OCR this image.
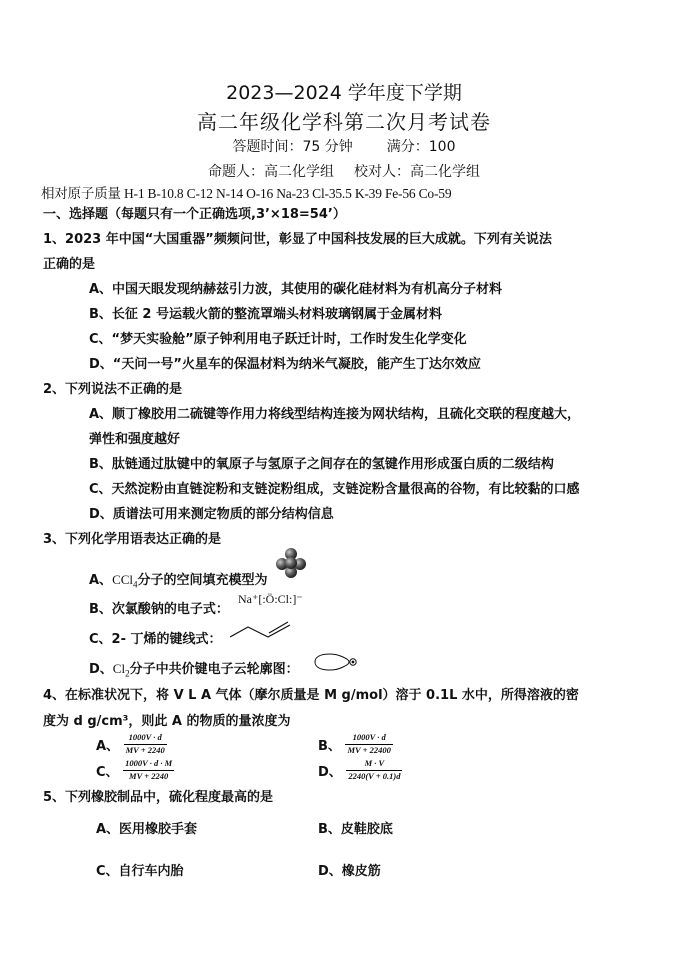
2023—2024 学年度下学期
高二年级化学科第二次月考试卷
答题时间：75 分钟 满分：100
命题人：高二化学组 校对人：高二化学组
相对原子质量 H-1 B-10.8 C-12 N-14 O-16 Na-23 Cl-35.5 K-39 Fe-56 Co-59
一、选择题（每题只有一个正确选项,3’×18=54’）
1、2023 年中国“大国重器”频频问世，彰显了中国科技发展的巨大成就。下列有关说法
正确的是
A、中国天眼发现纳赫兹引力波，其使用的碳化硅材料为有机高分子材料
B、长征 2 号运载火箭的整流罩端头材料玻璃钢属于金属材料
C、“梦天实验舱”原子钟利用电子跃迁计时，工作时发生化学变化
D、“天问一号”火星车的保温材料为纳米气凝胶，能产生丁达尔效应
2、下列说法不正确的是
A、顺丁橡胶用二硫键等作用力将线型结构连接为网状结构，且硫化交联的程度越大，
弹性和强度越好
B、肽链通过肽键中的氧原子与氢原子之间存在的氢键作用形成蛋白质的二级结构
C、天然淀粉由直链淀粉和支链淀粉组成，支链淀粉含量很高的谷物，有比较黏的口感
D、质谱法可用来测定物质的部分结构信息
3、下列化学用语表达正确的是
A、CCl$_4$分子的空间填充模型为
B、次氯酸钠的电子式：
Na⁺[:Ö:Cl:]⁻
C、2- 丁烯的键线式：
D、$Cl_2$分子中共价键电子云轮廓图：
4、在标准状况下，将 V L A 气体（摩尔质量是 M g/mol）溶于 0.1L 水中，所得溶液的密
度为 d g/cm³，则此 A 的物质的量浓度为
A、 $\frac{1000V \cdot d}{MV + 2240}$	B、 $\frac{1000V \cdot d}{MV + 22400}$
C、 $\frac{1000V \cdot d \cdot M}{MV + 2240}$	D、 $\frac{M \cdot V}{2240(V + 0.1)d}$
5、下列橡胶制品中，硫化程度最高的是
A、医用橡胶手套	B、皮鞋胶底
C、自行车内胎	D、橡皮筋
